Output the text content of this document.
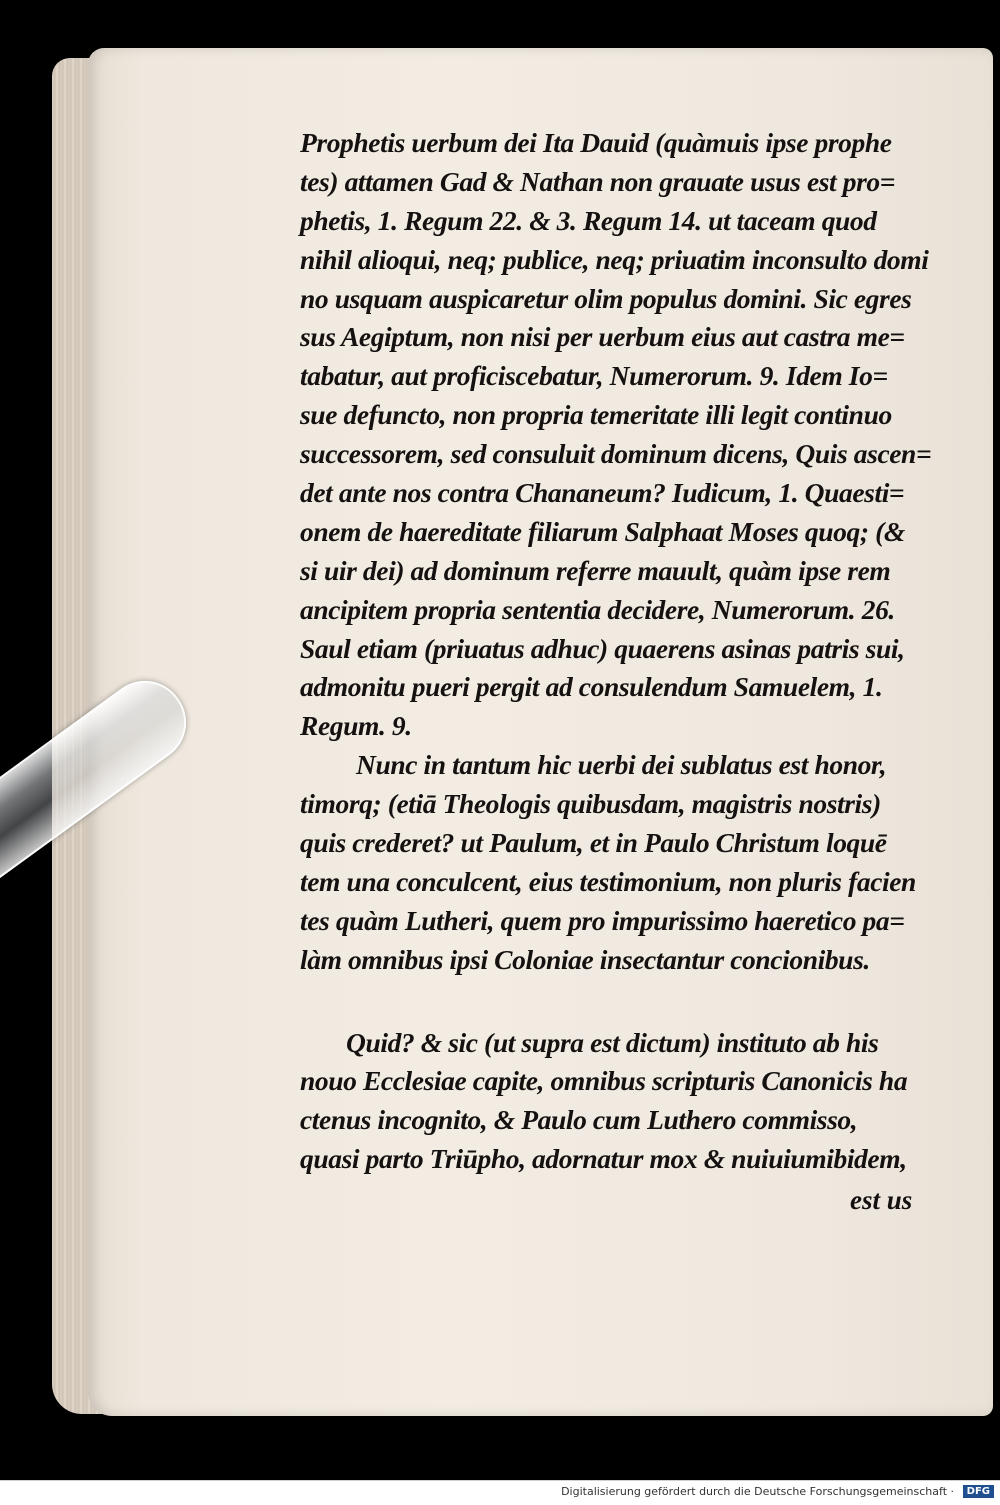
Prophetis uerbum dei Ita Dauid (quàmuis ipse prophe
tes) attamen Gad & Nathan non grauate usus est pro=
phetis, 1. Regum 22. & 3. Regum 14. ut taceam quod
nihil alioqui, neq; publice, neq; priuatim inconsulto domi
no usquam auspicaretur olim populus domini. Sic egres
sus Aegiptum, non nisi per uerbum eius aut castra me=
tabatur, aut proficiscebatur, Numerorum. 9. Idem Io=
sue defuncto, non propria temeritate illi legit continuo
successorem, sed consuluit dominum dicens, Quis ascen=
det ante nos contra Chananeum? Iudicum, 1. Quaesti=
onem de haereditate filiarum Salphaat Moses quoq; (&
si uir dei) ad dominum referre mauult, quàm ipse rem
ancipitem propria sententia decidere, Numerorum. 26.
Saul etiam (priuatus adhuc) quaerens asinas patris sui,
admonitu pueri pergit ad consulendum Samuelem, 1.
Regum. 9.
Nunc in tantum hic uerbi dei sublatus est honor,
timorq; (etiā Theologis quibusdam, magistris nostris)
quis crederet? ut Paulum, et in Paulo Christum loquē
tem una conculcent, eius testimonium, non pluris facien
tes quàm Lutheri, quem pro impurissimo haeretico pa=
làm omnibus ipsi Coloniae insectantur concionibus.
Quid? & sic (ut supra est dictum) instituto ab his
nouo Ecclesiae capite, omnibus scripturis Canonicis ha
ctenus incognito, & Paulo cum Luthero commisso,
quasi parto Triūpho, adornatur mox & nuiuiumibidem,
est us
Digitalisierung gefördert durch die Deutsche Forschungsgemeinschaft ·	DFG
